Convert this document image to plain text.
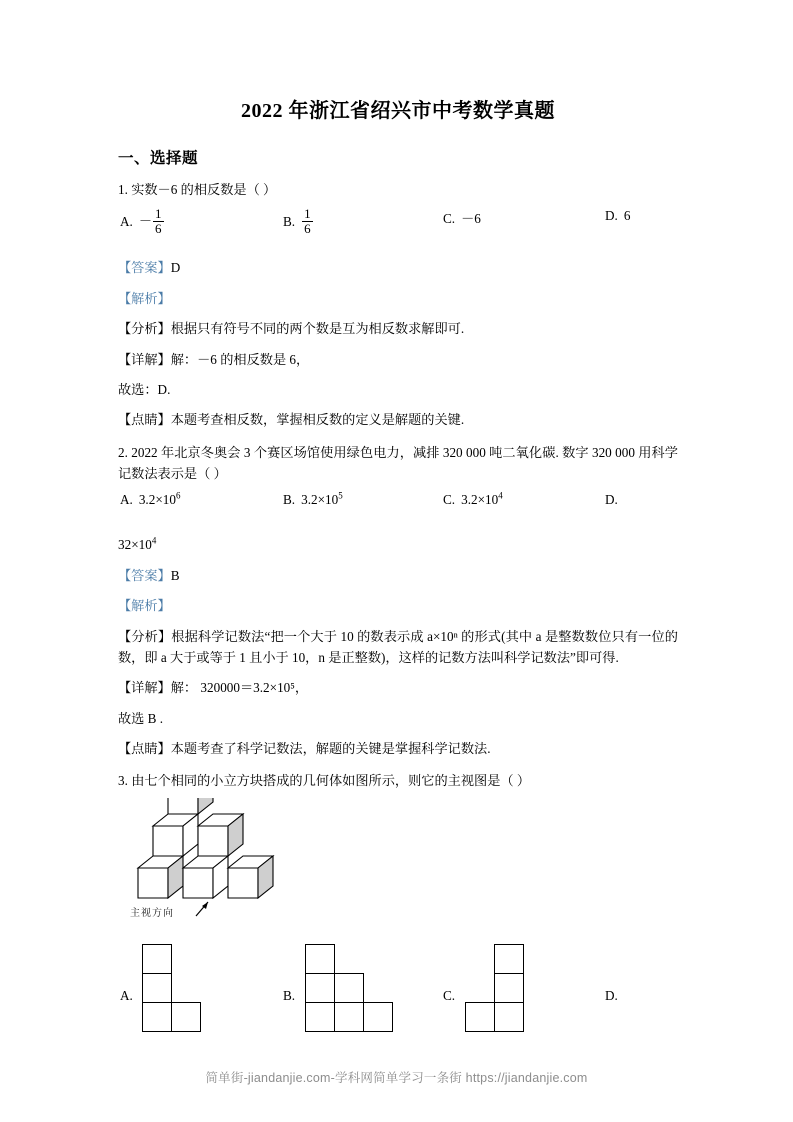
2022 年浙江省绍兴市中考数学真题
一、选择题
1. 实数－6 的相反数是（ ）
A. － $\frac{1}{6}$	B. $\frac{1}{6}$	C. －6	D. 6
【答案】D
【解析】
【分析】根据只有符号不同的两个数是互为相反数求解即可.
【详解】解：－6 的相反数是 6，
故选：D.
【点睛】本题考查相反数，掌握相反数的定义是解题的关键.
2. 2022 年北京冬奥会 3 个赛区场馆使用绿色电力，减排 320 000 吨二氧化碳. 数字 320 000 用科学记数法表示是（ ）
A. $3.2\times 10^6$	B. $3.2\times 10^5$	C. $3.2\times 10^4$	D.
$32\times 10^4$
【答案】B
【解析】
【分析】根据科学记数法“把一个大于 10 的数表示成 a×10ⁿ 的形式(其中 a 是整数数位只有一位的数，即 a 大于或等于 1 且小于 10，n 是正整数)，这样的记数方法叫科学记数法”即可得.
【详解】解： 320000＝3.2×10⁵，
故选 B .
【点睛】本题考查了科学记数法，解题的关键是掌握科学记数法.
3. 由七个相同的小立方块搭成的几何体如图所示，则它的主视图是（ ）
主视方向
A.	B.	C.	D.
简单街-jiandanjie.com-学科网简单学习一条街 https://jiandanjie.com
